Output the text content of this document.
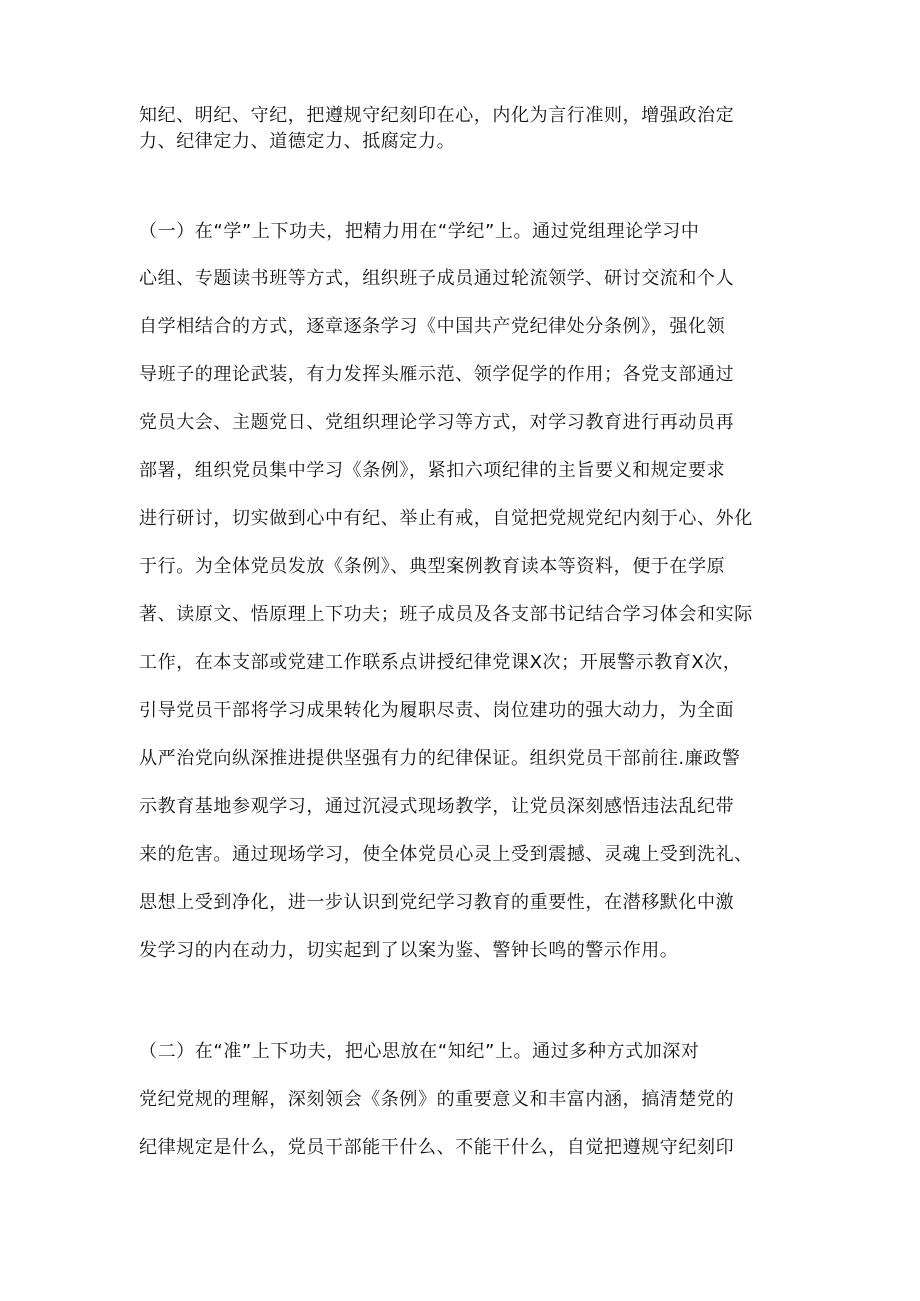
知纪、明纪、守纪，把遵规守纪刻印在心，内化为言行准则，增强政治定
力、纪律定力、道德定力、抵腐定力。
（一）在“学”上下功夫，把精力用在“学纪”上。通过党组理论学习中
心组、专题读书班等方式，组织班子成员通过轮流领学、研讨交流和个人
自学相结合的方式，逐章逐条学习《中国共产党纪律处分条例》，强化领
导班子的理论武装，有力发挥头雁示范、领学促学的作用；各党支部通过
党员大会、主题党日、党组织理论学习等方式，对学习教育进行再动员再
部署，组织党员集中学习《条例》，紧扣六项纪律的主旨要义和规定要求
进行研讨，切实做到心中有纪、举止有戒，自觉把党规党纪内刻于心、外化
于行。为全体党员发放《条例》、典型案例教育读本等资料，便于在学原
著、读原文、悟原理上下功夫；班子成员及各支部书记结合学习体会和实际
工作，在本支部或党建工作联系点讲授纪律党课X次；开展警示教育X次，
引导党员干部将学习成果转化为履职尽责、岗位建功的强大动力，为全面
从严治党向纵深推进提供坚强有力的纪律保证。组织党员干部前往.廉政警
示教育基地参观学习，通过沉浸式现场教学，让党员深刻感悟违法乱纪带
来的危害。通过现场学习，使全体党员心灵上受到震撼、灵魂上受到洗礼、
思想上受到净化，进一步认识到党纪学习教育的重要性，在潜移默化中激
发学习的内在动力，切实起到了以案为鉴、警钟长鸣的警示作用。
（二）在“准”上下功夫，把心思放在“知纪”上。通过多种方式加深对
党纪党规的理解，深刻领会《条例》的重要意义和丰富内涵，搞清楚党的
纪律规定是什么，党员干部能干什么、不能干什么，自觉把遵规守纪刻印
